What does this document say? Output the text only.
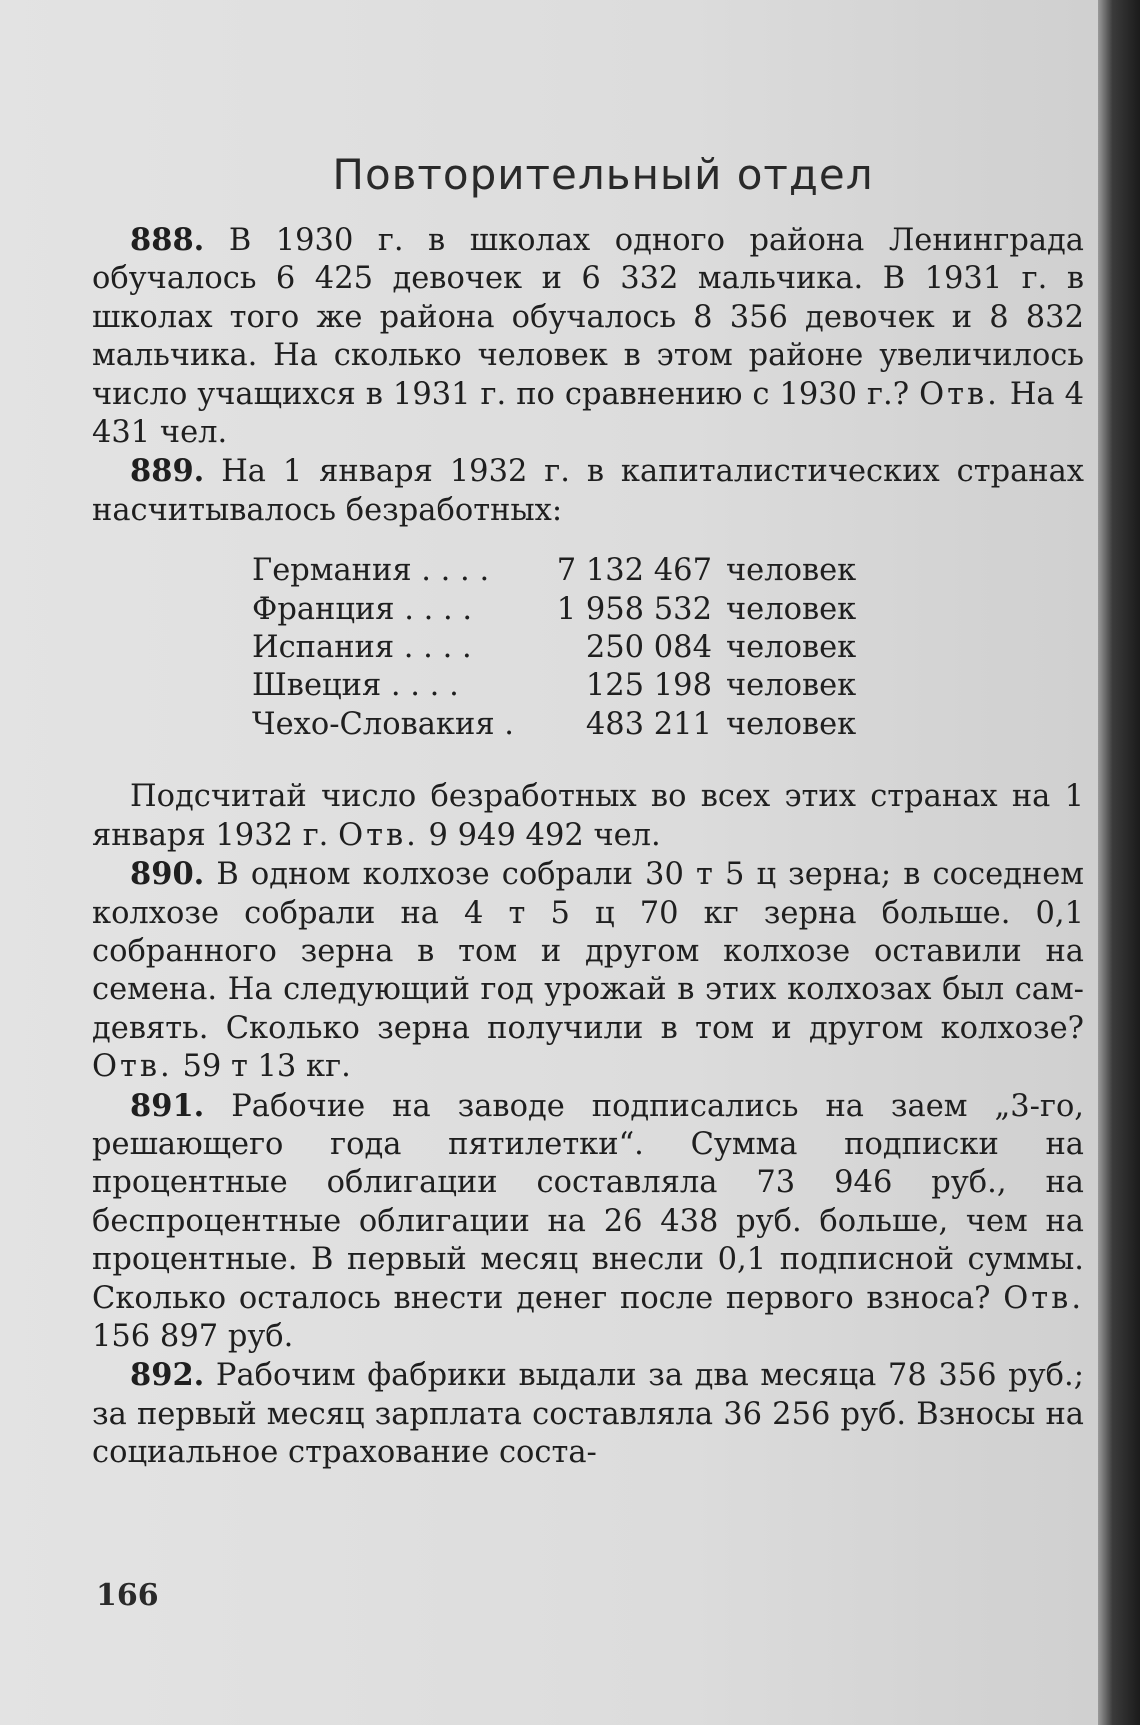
Повторительный отдел

888. В 1930 г. в школах одного района Ленинграда обучалось 6 425 девочек и 6 332 мальчика. В 1931 г. в школах того же района обучалось 8 356 девочек и 8 832 мальчика. На сколько человек в этом районе увеличилось число учащихся в 1931 г. по сравнению с 1930 г.? Отв. На 4 431 чел.

889. На 1 января 1932 г. в капиталистических странах насчитывалось безработных:

Германия . . . .	7 132 467	человек
Франция . . . .	1 958 532	человек
Испания . . . .	250 084	человек
Швеция . . . .	125 198	человек
Чехо-Словакия .	483 211	человек

Подсчитай число безработных во всех этих странах на 1 января 1932 г. Отв. 9 949 492 чел.

890. В одном колхозе собрали 30 т 5 ц зерна; в соседнем колхозе собрали на 4 т 5 ц 70 кг зерна больше. 0,1 собранного зерна в том и другом колхозе оставили на семена. На следующий год урожай в этих колхозах был сам-девять. Сколько зерна получили в том и другом колхозе? Отв. 59 т 13 кг.

891. Рабочие на заводе подписались на заем „3-го, решающего года пятилетки“. Сумма подписки на процентные облигации составляла 73 946 руб., на беспроцентные облигации на 26 438 руб. больше, чем на процентные. В первый месяц внесли 0,1 подписной суммы. Сколько осталось внести денег после первого взноса? Отв. 156 897 руб.

892. Рабочим фабрики выдали за два месяца 78 356 руб.; за первый месяц зарплата составляла 36 256 руб. Взносы на социальное страхование соста-

166
